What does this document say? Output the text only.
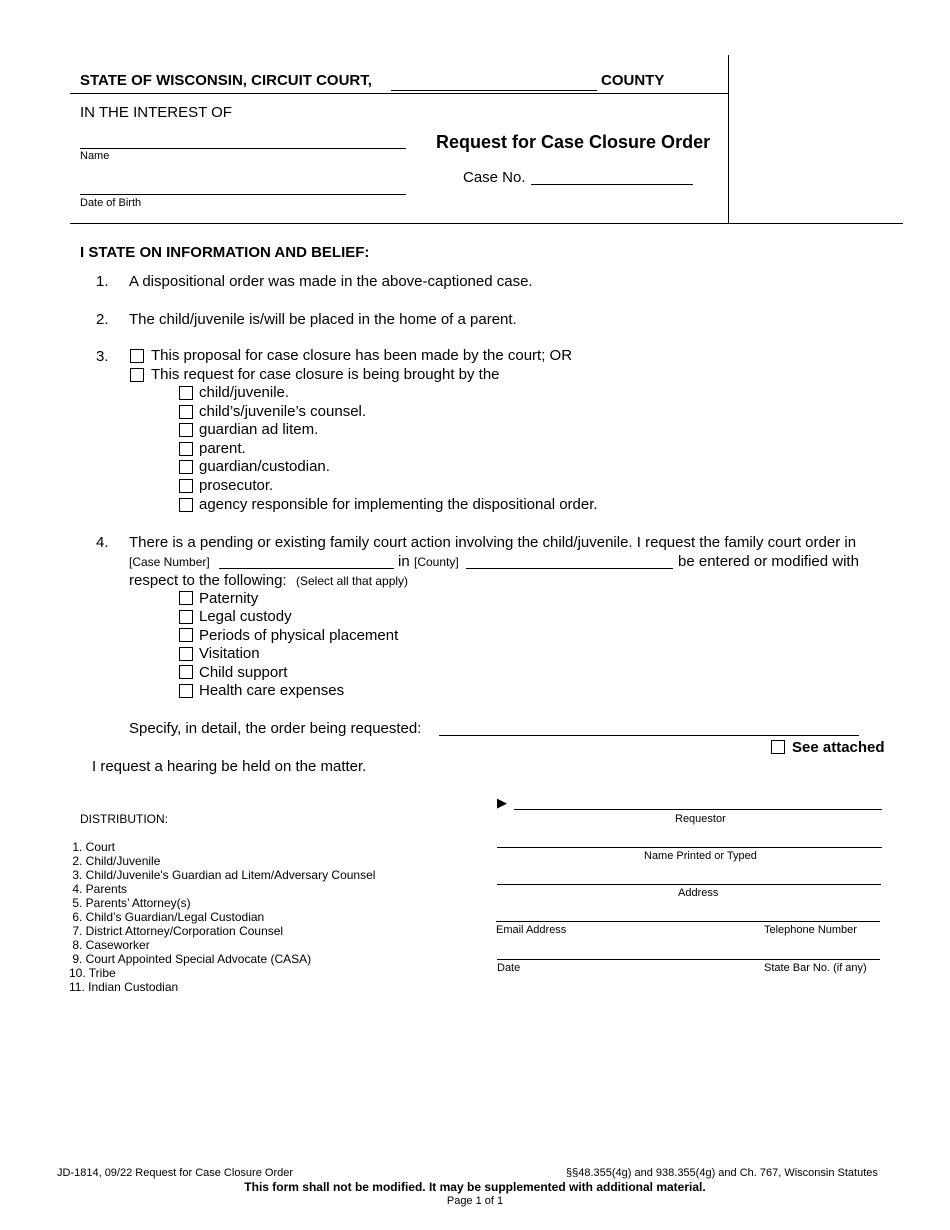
STATE OF WISCONSIN, CIRCUIT COURT,	COUNTY
IN THE INTEREST OF
Name
Date of Birth
Request for Case Closure Order
Case No.
I STATE ON INFORMATION AND BELIEF:
1. A dispositional order was made in the above-captioned case.
2. The child/juvenile is/will be placed in the home of a parent.
3.	This proposal for case closure has been made by the court; OR
This request for case closure is being brought by the
child/juvenile.
child’s/juvenile’s counsel.
guardian ad litem.
parent.
guardian/custodian.
prosecutor.
agency responsible for implementing the dispositional order.
4. There is a pending or existing family court action involving the child/juvenile. I request the family court order in
[Case Number]	in [County]	be entered or modified with
respect to the following: (Select all that apply)
Paternity
Legal custody
Periods of physical placement
Visitation
Child support
Health care expenses
Specify, in detail, the order being requested:
See attached
I request a hearing be held on the matter.
DISTRIBUTION:

1. Court
2. Child/Juvenile
3. Child/Juvenile's Guardian ad Litem/Adversary Counsel
4. Parents
5. Parents’ Attorney(s)
6. Child’s Guardian/Legal Custodian
7. District Attorney/Corporation Counsel
8. Caseworker
9. Court Appointed Special Advocate (CASA)
10. Tribe
11. Indian Custodian

▶
Requestor
Name Printed or Typed
Address
Email Address	Telephone Number
Date	State Bar No. (if any)
JD-1814, 09/22 Request for Case Closure Order	§§48.355(4g) and 938.355(4g) and Ch. 767, Wisconsin Statutes
This form shall not be modified. It may be supplemented with additional material.
Page 1 of 1
